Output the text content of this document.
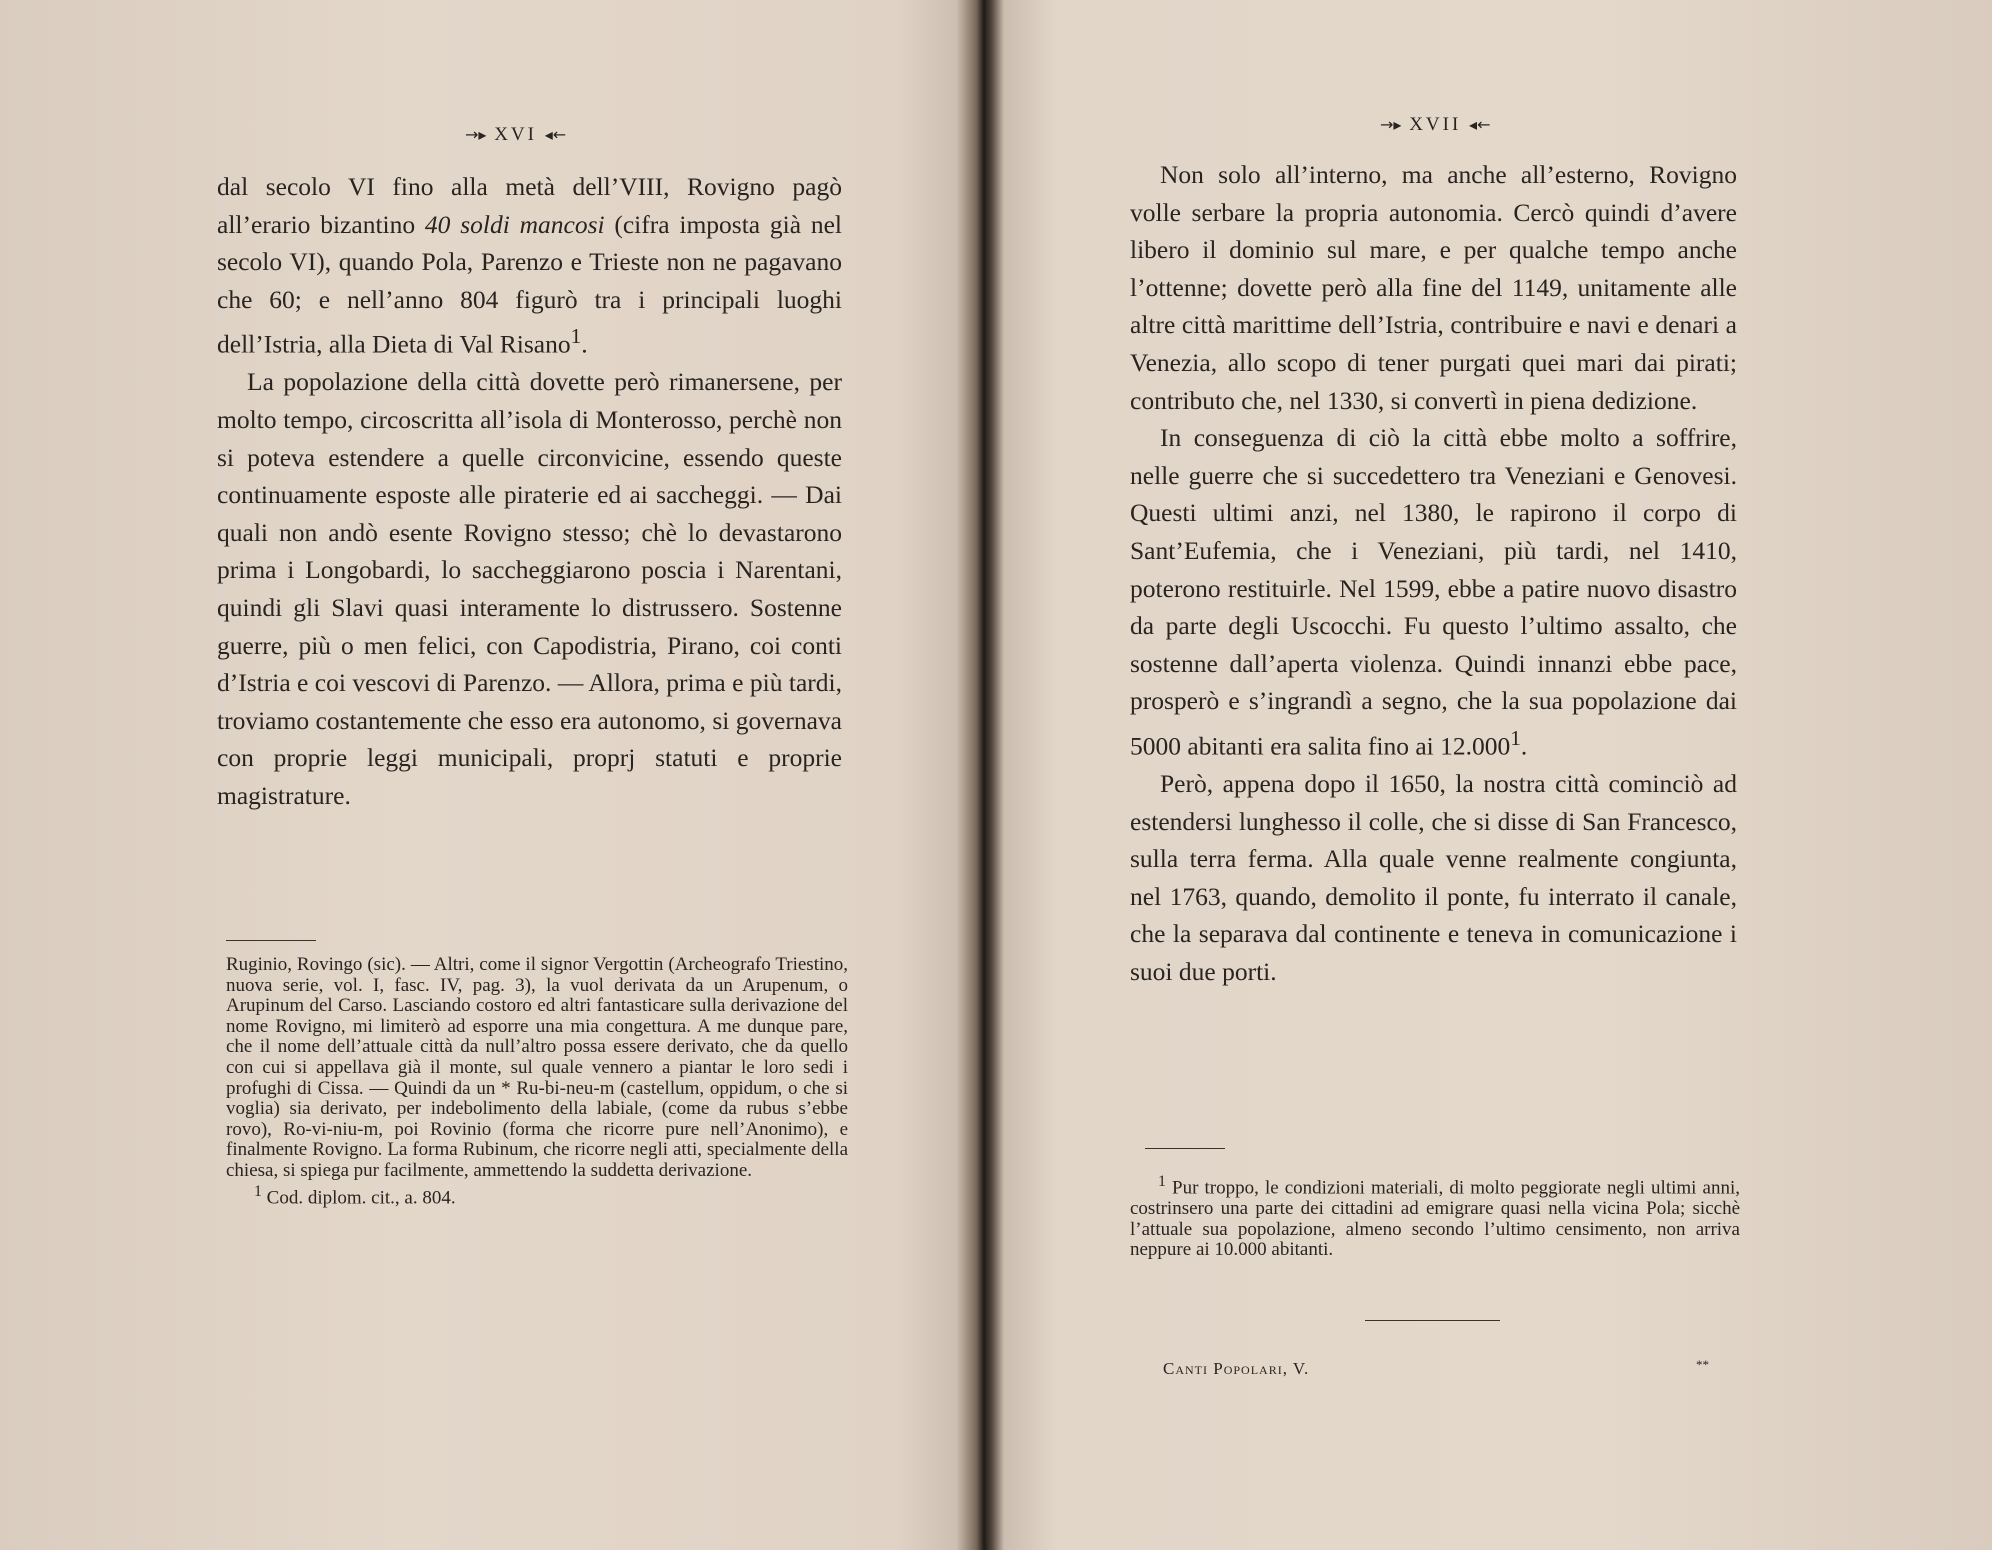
→▸ XVI ◂←

dal secolo VI fino alla metà dell’VIII, Rovigno pagò all’erario bizantino 40 soldi mancosi (cifra imposta già nel secolo VI), quando Pola, Parenzo e Trieste non ne pagavano che 60; e nell’anno 804 figurò tra i principali luoghi dell’Istria, alla Dieta di Val Risano$^1$.

La popolazione della città dovette però rimanersene, per molto tempo, circoscritta all’isola di Monterosso, perchè non si poteva estendere a quelle circonvicine, essendo queste continuamente esposte alle piraterie ed ai saccheggi. — Dai quali non andò esente Rovigno stesso; chè lo devastarono prima i Longobardi, lo saccheggiarono poscia i Narentani, quindi gli Slavi quasi interamente lo distrussero. Sostenne guerre, più o men felici, con Capodistria, Pirano, coi conti d’Istria e coi vescovi di Parenzo. — Allora, prima e più tardi, troviamo costantemente che esso era autonomo, si governava con proprie leggi municipali, proprj statuti e proprie magistrature.

Ruginio, Rovingo (sic). — Altri, come il signor Vergottin (Archeografo Triestino, nuova serie, vol. I, fasc. IV, pag. 3), la vuol derivata da un Arupenum, o Arupinum del Carso. Lasciando costoro ed altri fantasticare sulla derivazione del nome Rovigno, mi limiterò ad esporre una mia congettura. A me dunque pare, che il nome dell’attuale città da null’altro possa essere derivato, che da quello con cui si appellava già il monte, sul quale vennero a piantar le loro sedi i profughi di Cissa. — Quindi da un * Ru-bi-neu-m (castellum, oppidum, o che si voglia) sia derivato, per indebolimento della labiale, (come da rubus s’ebbe rovo), Ro-vi-niu-m, poi Rovinio (forma che ricorre pure nell’Anonimo), e finalmente Rovigno. La forma Rubinum, che ricorre negli atti, specialmente della chiesa, si spiega pur facilmente, ammettendo la suddetta derivazione.

$^1$ Cod. diplom. cit., a. 804.

→▸ XVII ◂←

Non solo all’interno, ma anche all’esterno, Rovigno volle serbare la propria autonomia. Cercò quindi d’avere libero il dominio sul mare, e per qualche tempo anche l’ottenne; dovette però alla fine del 1149, unitamente alle altre città marittime dell’Istria, contribuire e navi e denari a Venezia, allo scopo di tener purgati quei mari dai pirati; contributo che, nel 1330, si convertì in piena dedizione.

In conseguenza di ciò la città ebbe molto a soffrire, nelle guerre che si succedettero tra Veneziani e Genovesi. Questi ultimi anzi, nel 1380, le rapirono il corpo di Sant’Eufemia, che i Veneziani, più tardi, nel 1410, poterono restituirle. Nel 1599, ebbe a patire nuovo disastro da parte degli Uscocchi. Fu questo l’ultimo assalto, che sostenne dall’aperta violenza. Quindi innanzi ebbe pace, prosperò e s’ingrandì a segno, che la sua popolazione dai 5000 abitanti era salita fino ai 12.000$^1$.

Però, appena dopo il 1650, la nostra città cominciò ad estendersi lunghesso il colle, che si disse di San Francesco, sulla terra ferma. Alla quale venne realmente congiunta, nel 1763, quando, demolito il ponte, fu interrato il canale, che la separava dal continente e teneva in comunicazione i suoi due porti.

$^1$ Pur troppo, le condizioni materiali, di molto peggiorate negli ultimi anni, costrinsero una parte dei cittadini ad emigrare quasi nella vicina Pola; sicchè l’attuale sua popolazione, almeno secondo l’ultimo censimento, non arriva neppure ai 10.000 abitanti.

Canti Popolari, V.	**
